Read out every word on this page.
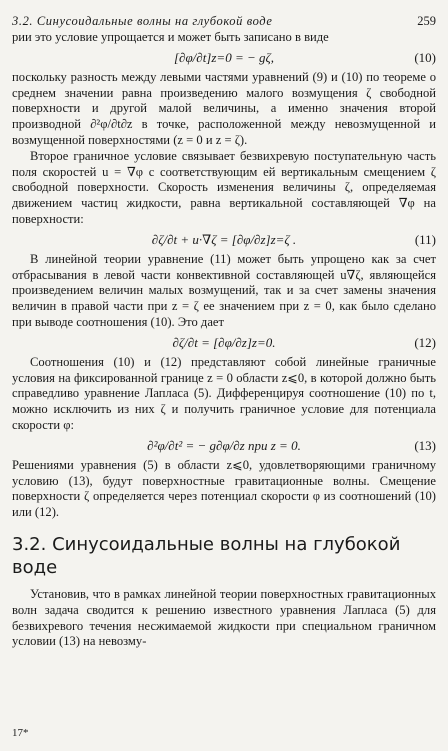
3.2. Синусоидальные волны на глубокой воде	259

рии это условие упрощается и может быть записано в виде

[∂φ/∂t]z=0 = − gζ,	(10)

поскольку разность между левыми частями уравнений (9) и (10) по теореме о среднем значении равна произведению малого возмущения ζ свободной поверхности и другой малой величины, а именно значения второй производной ∂²φ/∂t∂z в точке, расположенной между невозмущенной и возмущенной поверхностями (z = 0 и z = ζ).

Второе граничное условие связывает безвихревую поступательную часть поля скоростей u = ∇φ с соответствующим ей вертикальным смещением ζ свободной поверхности. Скорость изменения величины ζ, определяемая движением частиц жидкости, равна вертикальной составляющей ∇φ на поверхности:

∂ζ/∂t + u·∇ζ = [∂φ/∂z]z=ζ .	(11)

В линейной теории уравнение (11) может быть упрощено как за счет отбрасывания в левой части конвективной составляющей u∇ζ, являющейся произведением величин малых возмущений, так и за счет замены значения величин в правой части при z = ζ ее значением при z = 0, как было сделано при выводе соотношения (10). Это дает

∂ζ/∂t = [∂φ/∂z]z=0.	(12)

Соотношения (10) и (12) представляют собой линейные граничные условия на фиксированной границе z = 0 области z⩽0, в которой должно быть справедливо уравнение Лапласа (5). Дифференцируя соотношение (10) по t, можно исключить из них ζ и получить граничное условие для потенциала скорости φ:

∂²φ/∂t² = − g∂φ/∂z при z = 0.	(13)

Решениями уравнения (5) в области z⩽0, удовлетворяющими граничному условию (13), будут поверхностные гравитационные волны. Смещение поверхности ζ определяется через потенциал скорости φ из соотношений (10) или (12).

3.2. Синусоидальные волны на глубокой воде

Установив, что в рамках линейной теории поверхностных гравитационных волн задача сводится к решению известного уравнения Лапласа (5) для безвихревого течения несжимаемой жидкости при специальном граничном условии (13) на невозму-

17*
